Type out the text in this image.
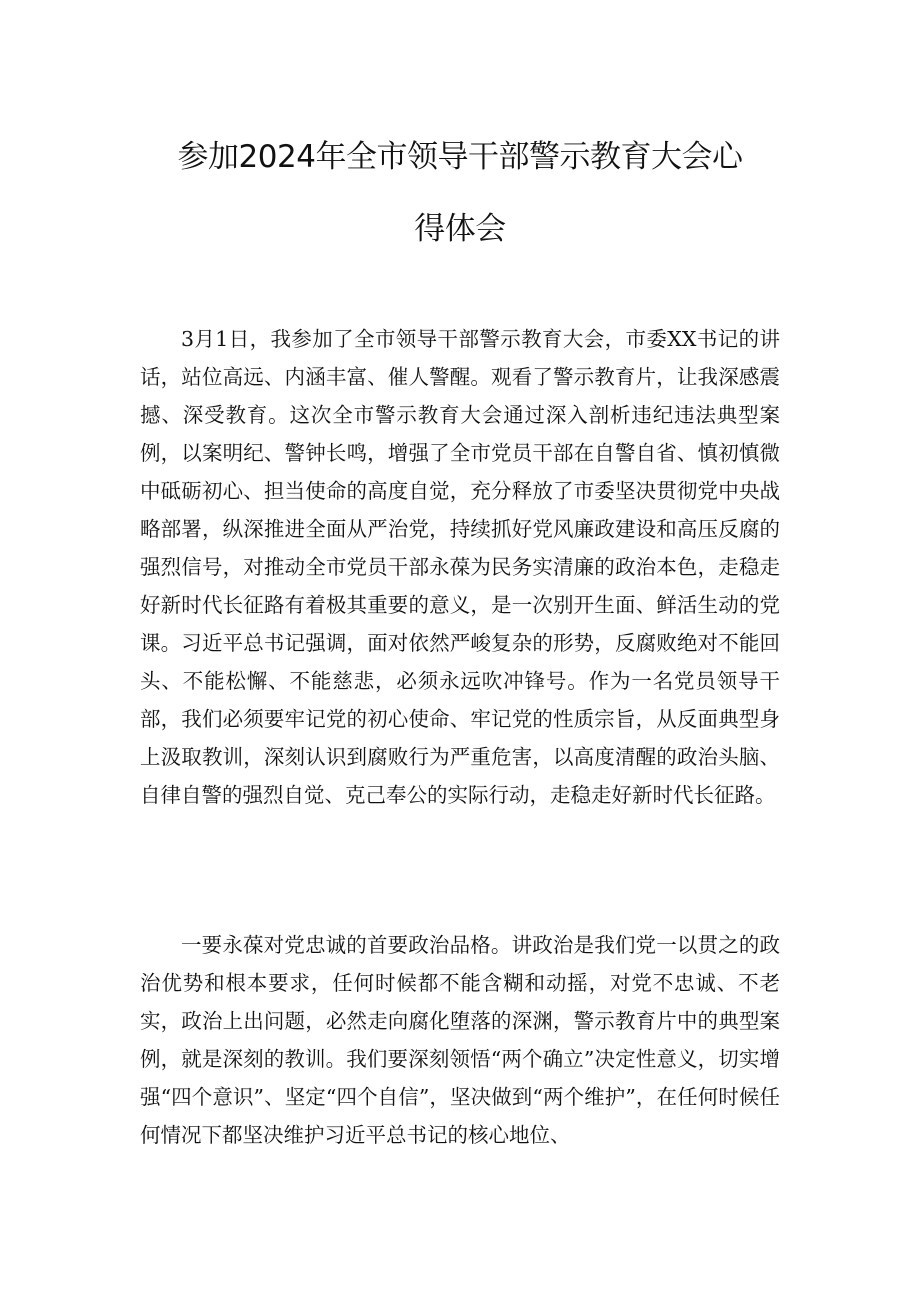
参加2024年全市领导干部警示教育大会心
得体会

3月1日，我参加了全市领导干部警示教育大会，市委XX书记的讲话，站位高远、内涵丰富、催人警醒。观看了警示教育片，让我深感震撼、深受教育。这次全市警示教育大会通过深入剖析违纪违法典型案例，以案明纪、警钟长鸣，增强了全市党员干部在自警自省、慎初慎微中砥砺初心、担当使命的高度自觉，充分释放了市委坚决贯彻党中央战略部署，纵深推进全面从严治党，持续抓好党风廉政建设和高压反腐的强烈信号，对推动全市党员干部永葆为民务实清廉的政治本色，走稳走好新时代长征路有着极其重要的意义，是一次别开生面、鲜活生动的党课。习近平总书记强调，面对依然严峻复杂的形势，反腐败绝对不能回头、不能松懈、不能慈悲，必须永远吹冲锋号。作为一名党员领导干部，我们必须要牢记党的初心使命、牢记党的性质宗旨，从反面典型身上汲取教训，深刻认识到腐败行为严重危害，以高度清醒的政治头脑、自律自警的强烈自觉、克己奉公的实际行动，走稳走好新时代长征路。

一要永葆对党忠诚的首要政治品格。讲政治是我们党一以贯之的政治优势和根本要求，任何时候都不能含糊和动摇，对党不忠诚、不老实，政治上出问题，必然走向腐化堕落的深渊，警示教育片中的典型案例，就是深刻的教训。我们要深刻领悟“两个确立”决定性意义，切实增强“四个意识”、坚定“四个自信”，坚决做到“两个维护”，在任何时候任何情况下都坚决维护习近平总书记的核心地位、
